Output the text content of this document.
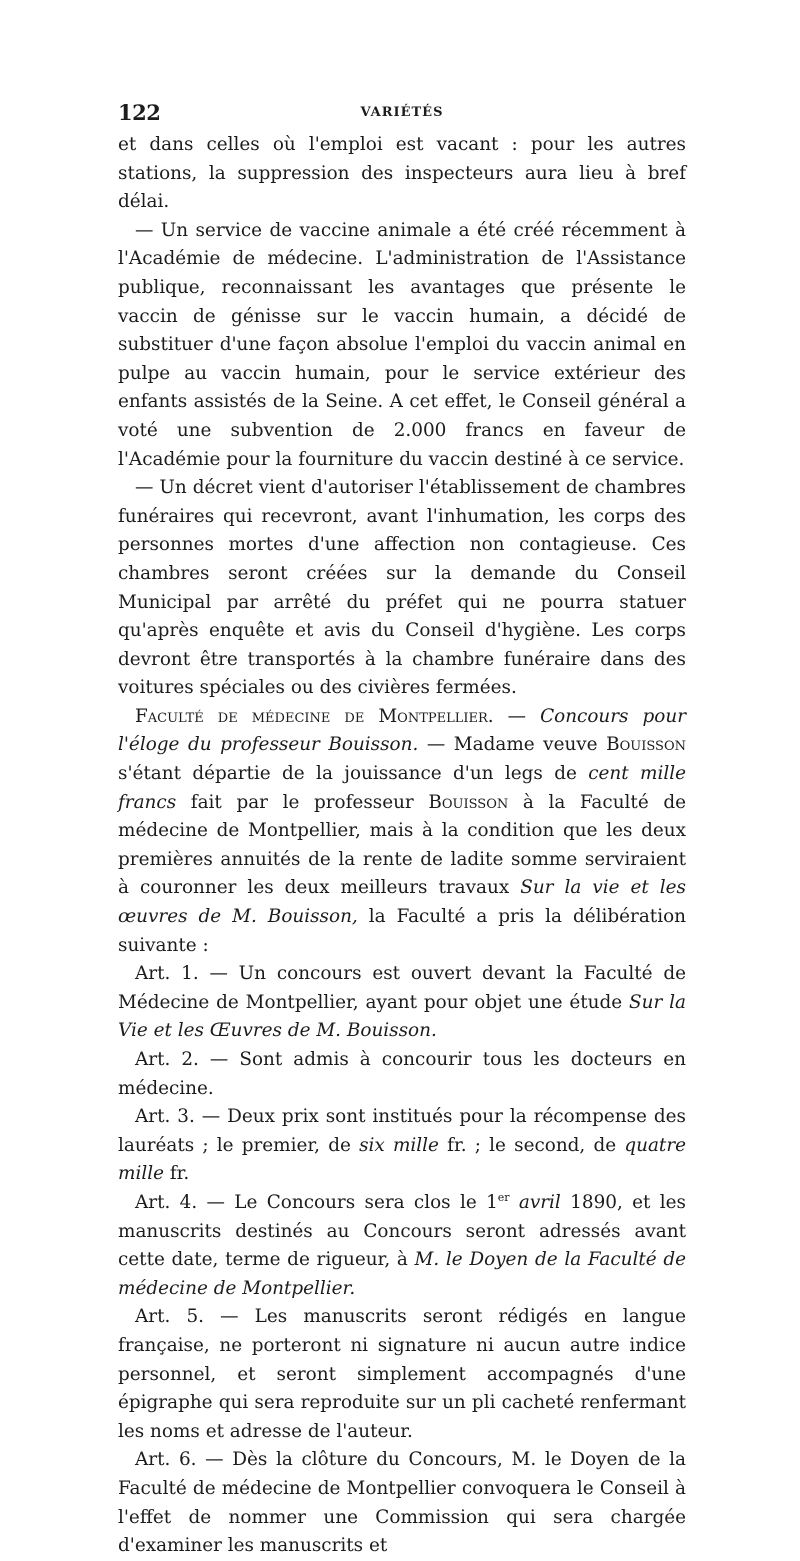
122	VARIÉTÉS

et dans celles où l'emploi est vacant : pour les autres stations, la suppression des inspecteurs aura lieu à bref délai.

— Un service de vaccine animale a été créé récemment à l'Académie de médecine. L'administration de l'Assistance publique, reconnaissant les avantages que présente le vaccin de génisse sur le vaccin humain, a décidé de substituer d'une façon absolue l'emploi du vaccin animal en pulpe au vaccin humain, pour le service extérieur des enfants assistés de la Seine. A cet effet, le Conseil général a voté une subvention de 2.000 francs en faveur de l'Académie pour la fourniture du vaccin destiné à ce service.

— Un décret vient d'autoriser l'établissement de chambres funéraires qui recevront, avant l'inhumation, les corps des personnes mortes d'une affection non contagieuse. Ces chambres seront créées sur la demande du Conseil Municipal par arrêté du préfet qui ne pourra statuer qu'après enquête et avis du Conseil d'hygiène. Les corps devront être transportés à la chambre funéraire dans des voitures spéciales ou des civières fermées.

Faculté de médecine de Montpellier. — Concours pour l'éloge du professeur Bouisson. — Madame veuve Bouisson s'étant départie de la jouissance d'un legs de cent mille francs fait par le professeur Bouisson à la Faculté de médecine de Montpellier, mais à la condition que les deux premières annuités de la rente de ladite somme serviraient à couronner les deux meilleurs travaux Sur la vie et les œuvres de M. Bouisson, la Faculté a pris la délibération suivante :

Art. 1. — Un concours est ouvert devant la Faculté de Médecine de Montpellier, ayant pour objet une étude Sur la Vie et les Œuvres de M. Bouisson.

Art. 2. — Sont admis à concourir tous les docteurs en médecine.

Art. 3. — Deux prix sont institués pour la récompense des lauréats ; le premier, de six mille fr. ; le second, de quatre mille fr.

Art. 4. — Le Concours sera clos le 1er avril 1890, et les manuscrits destinés au Concours seront adressés avant cette date, terme de rigueur, à M. le Doyen de la Faculté de médecine de Montpellier.

Art. 5. — Les manuscrits seront rédigés en langue française, ne porteront ni signature ni aucun autre indice personnel, et seront simplement accompagnés d'une épigraphe qui sera reproduite sur un pli cacheté renfermant les noms et adresse de l'auteur.

Art. 6. — Dès la clôture du Concours, M. le Doyen de la Faculté de médecine de Montpellier convoquera le Conseil à l'effet de nommer une Commission qui sera chargée d'examiner les manuscrits et
